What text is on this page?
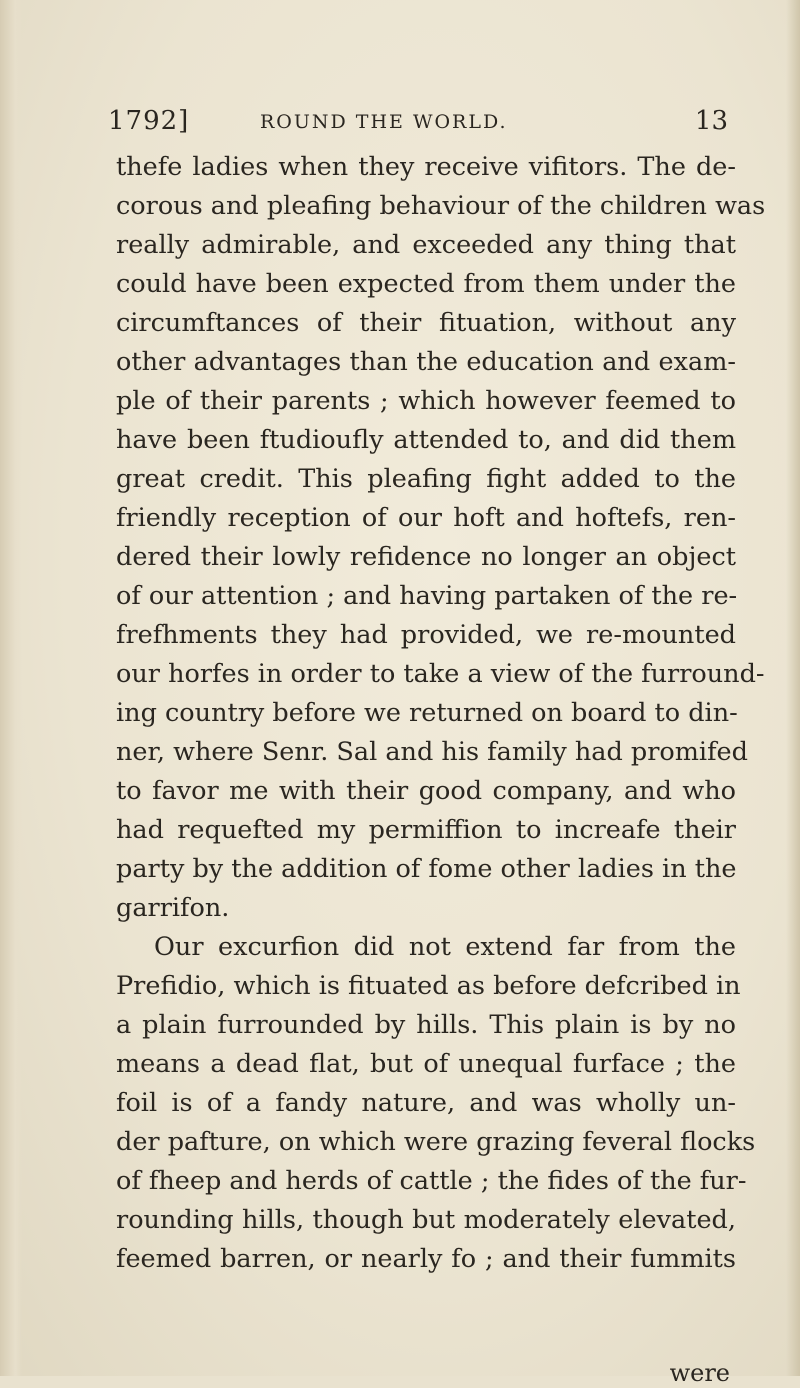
1792]	ROUND THE WORLD.	13
thefe ladies when they receive vifitors. The de-
corous and pleafing behaviour of the children was
really admirable, and exceeded any thing that
could have been expected from them under the
circumftances of their fituation, without any
other advantages than the education and exam-
ple of their parents ; which however feemed to
have been ftudioufly attended to, and did them
great credit. This pleafing fight added to the
friendly reception of our hoft and hoftefs, ren-
dered their lowly refidence no longer an object
of our attention ; and having partaken of the re-
frefhments they had provided, we re-mounted
our horfes in order to take a view of the furround-
ing country before we returned on board to din-
ner, where Senr. Sal and his family had promifed
to favor me with their good company, and who
had requefted my permiffion to increafe their
party by the addition of fome other ladies in the
garrifon.
Our excurfion did not extend far from the
Prefidio, which is fituated as before defcribed in
a plain furrounded by hills. This plain is by no
means a dead flat, but of unequal furface ; the
foil is of a fandy nature, and was wholly un-
der pafture, on which were grazing feveral flocks
of fheep and herds of cattle ; the fides of the fur-
rounding hills, though but moderately elevated,
feemed barren, or nearly fo ; and their fummits
were
